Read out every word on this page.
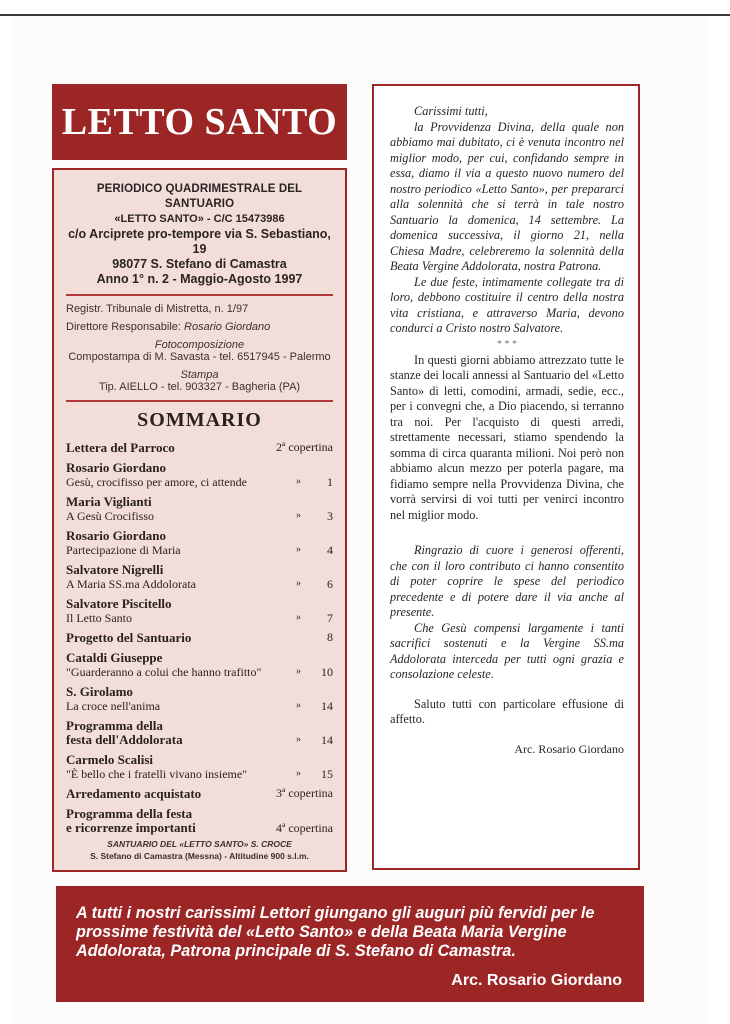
LETTO SANTO
PERIODICO QUADRIMESTRALE DEL SANTUARIO
«LETTO SANTO» - C/C 15473986
c/o Arciprete pro-tempore via S. Sebastiano, 19
98077 S. Stefano di Camastra
Anno 1° n. 2 - Maggio-Agosto 1997
Registr. Tribunale di Mistretta, n. 1/97
Direttore Responsabile: Rosario Giordano
Fotocomposizione
Compostampa di M. Savasta - tel. 6517945 - Palermo
Stampa
Tip. AIELLO - tel. 903327 - Bagheria (PA)
SOMMARIO
Lettera del Parroco	2ª copertina
Rosario Giordano
Gesù, crocifisso per amore, ci attende	»	1
Maria Viglianti
A Gesù Crocifisso	»	3
Rosario Giordano
Partecipazione di Maria	»	4
Salvatore Nigrelli
A Maria SS.ma Addolorata	»	6
Salvatore Piscitello
Il Letto Santo	»	7
Progetto del Santuario	8
Cataldi Giuseppe
"Guarderanno a colui che hanno trafitto"	»	10
S. Girolamo
La croce nell'anima	»	14
Programma della
festa dell'Addolorata	»	14
Carmelo Scalisi
"È bello che i fratelli vivano insieme"	»	15
Arredamento acquistato	3ª copertina
Programma della festa
e ricorrenze importanti	4ª copertina
SANTUARIO DEL «LETTO SANTO» S. CROCE
S. Stefano di Camastra (Messna) - Altitudine 900 s.l.m.

Carissimi tutti,

la Provvidenza Divina, della quale non abbiamo mai dubitato, ci è venuta incontro nel miglior modo, per cui, confidando sempre in essa, diamo il via a questo nuovo numero del nostro periodico «Letto Santo», per prepararci alla solennità che si terrà in tale nostro Santuario la domenica, 14 settembre. La domenica successiva, il giorno 21, nella Chiesa Madre, celebreremo la solennità della Beata Vergine Addolorata, nostra Patrona.

Le due feste, intimamente collegate tra di loro, debbono costituire il centro della nostra vita cristiana, e attraverso Maria, devono condurci a Cristo nostro Salvatore.

* * *

In questi giorni abbiamo attrezzato tutte le stanze dei locali annessi al Santuario del «Letto Santo» di letti, comodini, armadi, sedie, ecc., per i convegni che, a Dio piacendo, si terranno tra noi. Per l'acquisto di questi arredi, strettamente necessari, stiamo spendendo la somma di circa quaranta milioni. Noi però non abbiamo alcun mezzo per poterla pagare, ma fidiamo sempre nella Provvidenza Divina, che vorrà servirsi di voi tutti per venirci incontro nel miglior modo.

Ringrazio di cuore i generosi offerenti, che con il loro contributo ci hanno consentito di poter coprire le spese del periodico precedente e di potere dare il via anche al presente.

Che Gesù compensi largamente i tanti sacrifici sostenuti e la Vergine SS.ma Addolorata interceda per tutti ogni grazia e consolazione celeste.

Saluto tutti con particolare effusione di affetto.

Arc. Rosario Giordano
A tutti i nostri carissimi Lettori giungano gli auguri più fervidi per le prossime festività del «Letto Santo» e della Beata Maria Vergine Addolorata, Patrona principale di S. Stefano di Camastra.
Arc. Rosario Giordano
